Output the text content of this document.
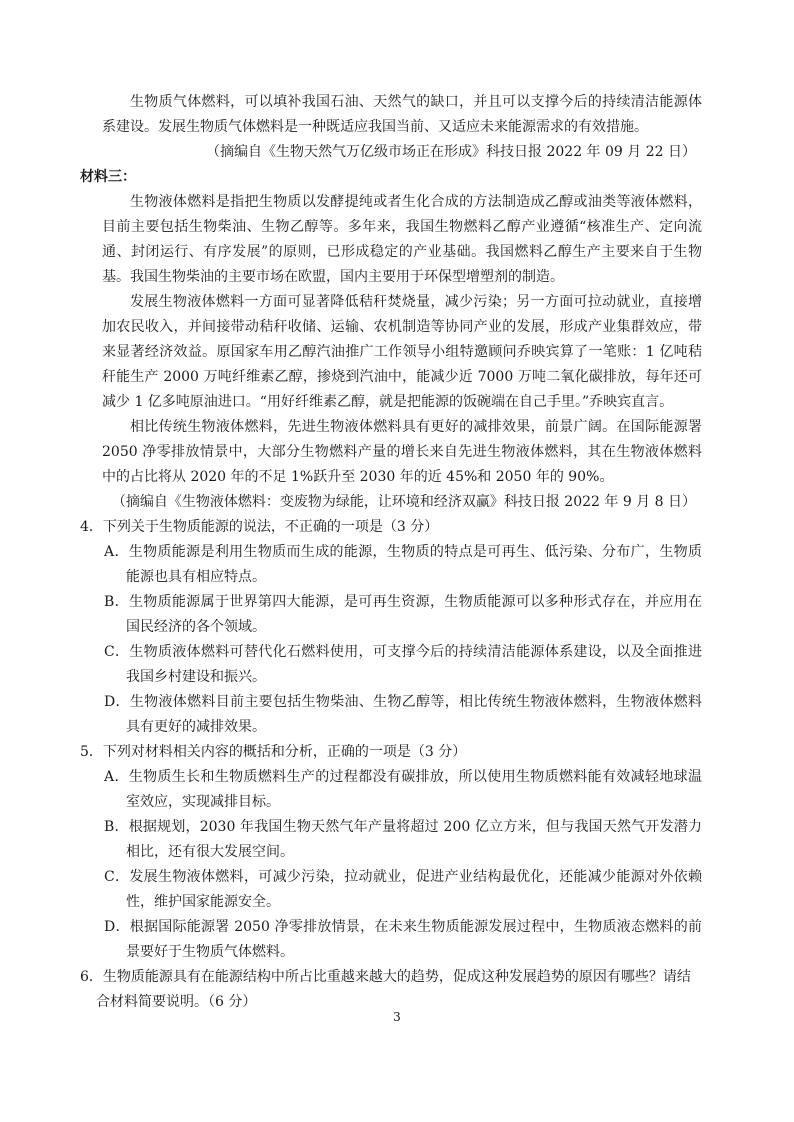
生物质气体燃料，可以填补我国石油、天然气的缺口，并且可以支撑今后的持续清洁能源体系建设。发展生物质气体燃料是一种既适应我国当前、又适应未来能源需求的有效措施。

（摘编自《生物天然气万亿级市场正在形成》科技日报 2022 年 09 月 22 日）

材料三：

生物液体燃料是指把生物质以发酵提纯或者生化合成的方法制造成乙醇或油类等液体燃料，目前主要包括生物柴油、生物乙醇等。多年来，我国生物燃料乙醇产业遵循“核准生产、定向流通、封闭运行、有序发展”的原则，已形成稳定的产业基础。我国燃料乙醇生产主要来自于生物基。我国生物柴油的主要市场在欧盟，国内主要用于环保型增塑剂的制造。

发展生物液体燃料一方面可显著降低秸秆焚烧量，减少污染；另一方面可拉动就业，直接增加农民收入，并间接带动秸秆收储、运输、农机制造等协同产业的发展，形成产业集群效应，带来显著经济效益。原国家车用乙醇汽油推广工作领导小组特邀顾问乔映宾算了一笔账：1 亿吨秸秆能生产 2000 万吨纤维素乙醇，掺烧到汽油中，能减少近 7000 万吨二氧化碳排放，每年还可减少 1 亿多吨原油进口。“用好纤维素乙醇，就是把能源的饭碗端在自己手里。”乔映宾直言。

相比传统生物液体燃料，先进生物液体燃料具有更好的减排效果，前景广阔。在国际能源署 2050 净零排放情景中，大部分生物燃料产量的增长来自先进生物液体燃料，其在生物液体燃料中的占比将从 2020 年的不足 1%跃升至 2030 年的近 45%和 2050 年的 90%。

（摘编自《生物液体燃料：变废物为绿能，让环境和经济双赢》科技日报 2022 年 9 月 8 日）

4．下列关于生物质能源的说法，不正确的一项是（3 分）

A．生物质能源是利用生物质而生成的能源，生物质的特点是可再生、低污染、分布广，生物质能源也具有相应特点。

B．生物质能源属于世界第四大能源，是可再生资源，生物质能源可以多种形式存在，并应用在国民经济的各个领域。

C．生物质液体燃料可替代化石燃料使用，可支撑今后的持续清洁能源体系建设，以及全面推进我国乡村建设和振兴。

D．生物液体燃料目前主要包括生物柴油、生物乙醇等，相比传统生物液体燃料，生物液体燃料具有更好的减排效果。

5．下列对材料相关内容的概括和分析，正确的一项是（3 分）

A．生物质生长和生物质燃料生产的过程都没有碳排放，所以使用生物质燃料能有效减轻地球温室效应，实现减排目标。

B．根据规划，2030 年我国生物天然气年产量将超过 200 亿立方米，但与我国天然气开发潜力相比，还有很大发展空间。

C．发展生物液体燃料，可减少污染，拉动就业，促进产业结构最优化，还能减少能源对外依赖性，维护国家能源安全。

D．根据国际能源署 2050 净零排放情景，在未来生物质能源发展过程中，生物质液态燃料的前景要好于生物质气体燃料。

6．生物质能源具有在能源结构中所占比重越来越大的趋势，促成这种发展趋势的原因有哪些？请结合材料简要说明。（6 分）

3
